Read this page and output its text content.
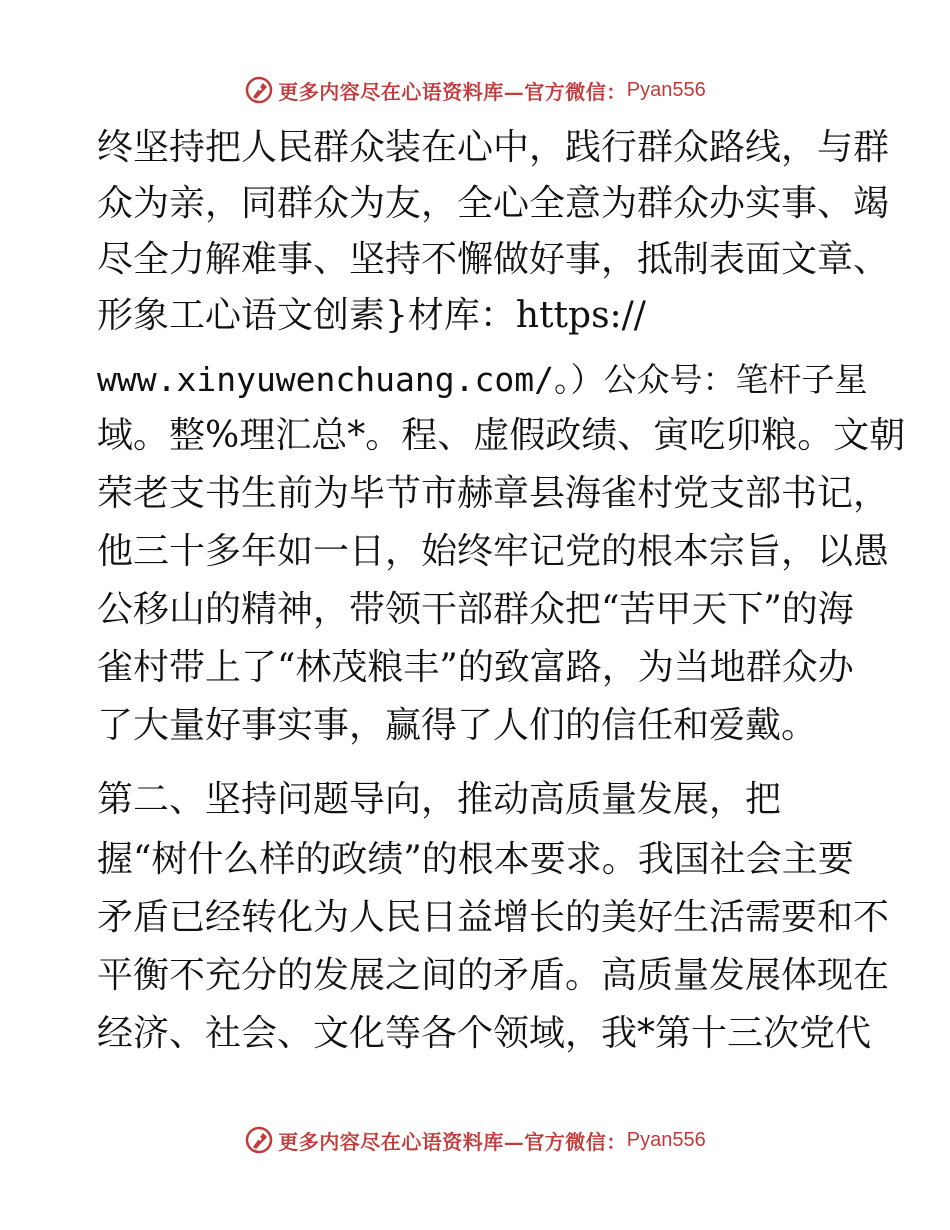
更多内容尽在心语资料库—官方微信： Pyan556
终坚持把人民群众装在心中，践行群众路线，与群
众为亲，同群众为友，全心全意为群众办实事、竭
尽全力解难事、坚持不懈做好事，抵制表面文章、
形象工心语文创素}材库：https://
www.xinyuwenchuang.com/。）公众号：笔杆子星
域。整%理汇总*。程、虚假政绩、寅吃卯粮。文朝
荣老支书生前为毕节市赫章县海雀村党支部书记，
他三十多年如一日，始终牢记党的根本宗旨，以愚
公移山的精神，带领干部群众把“苦甲天下”的海
雀村带上了“林茂粮丰”的致富路，为当地群众办
了大量好事实事，赢得了人们的信任和爱戴。
第二、坚持问题导向，推动高质量发展，把
握“树什么样的政绩”的根本要求。我国社会主要
矛盾已经转化为人民日益增长的美好生活需要和不
平衡不充分的发展之间的矛盾。高质量发展体现在
经济、社会、文化等各个领域，我*第十三次党代
更多内容尽在心语资料库—官方微信： Pyan556
